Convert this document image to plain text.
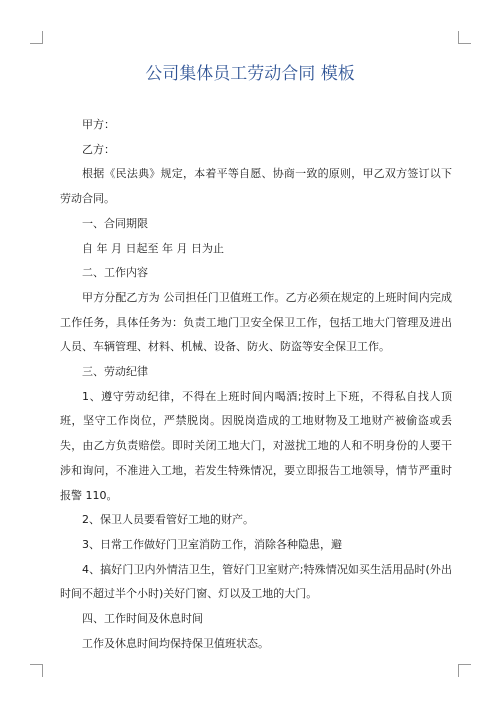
公司集体员工劳动合同 模板

甲方：

乙方：

根据《民法典》规定，本着平等自愿、协商一致的原则，甲乙双方签订以下劳动合同。

一、合同期限

自 年 月 日起至 年 月 日为止

二、工作内容

甲方分配乙方为 公司担任门卫值班工作。乙方必须在规定的上班时间内完成工作任务，具体任务为：负责工地门卫安全保卫工作，包括工地大门管理及进出人员、车辆管理、材料、机械、设备、防火、防盗等安全保卫工作。

三、劳动纪律

1、遵守劳动纪律，不得在上班时间内喝酒;按时上下班，不得私自找人顶班，坚守工作岗位，严禁脱岗。因脱岗造成的工地财物及工地财产被偷盗或丢失，由乙方负责赔偿。即时关闭工地大门，对滋扰工地的人和不明身份的人要干涉和询问，不准进入工地，若发生特殊情况，要立即报告工地领导，情节严重时报警 110。

2、保卫人员要看管好工地的财产。

3、日常工作做好门卫室消防工作，消除各种隐患，避

4、搞好门卫内外情洁卫生，管好门卫室财产;特殊情况如买生活用品时(外出时间不超过半个小时)关好门窗、灯以及工地的大门。

四、工作时间及休息时间

工作及休息时间均保持保卫值班状态。
